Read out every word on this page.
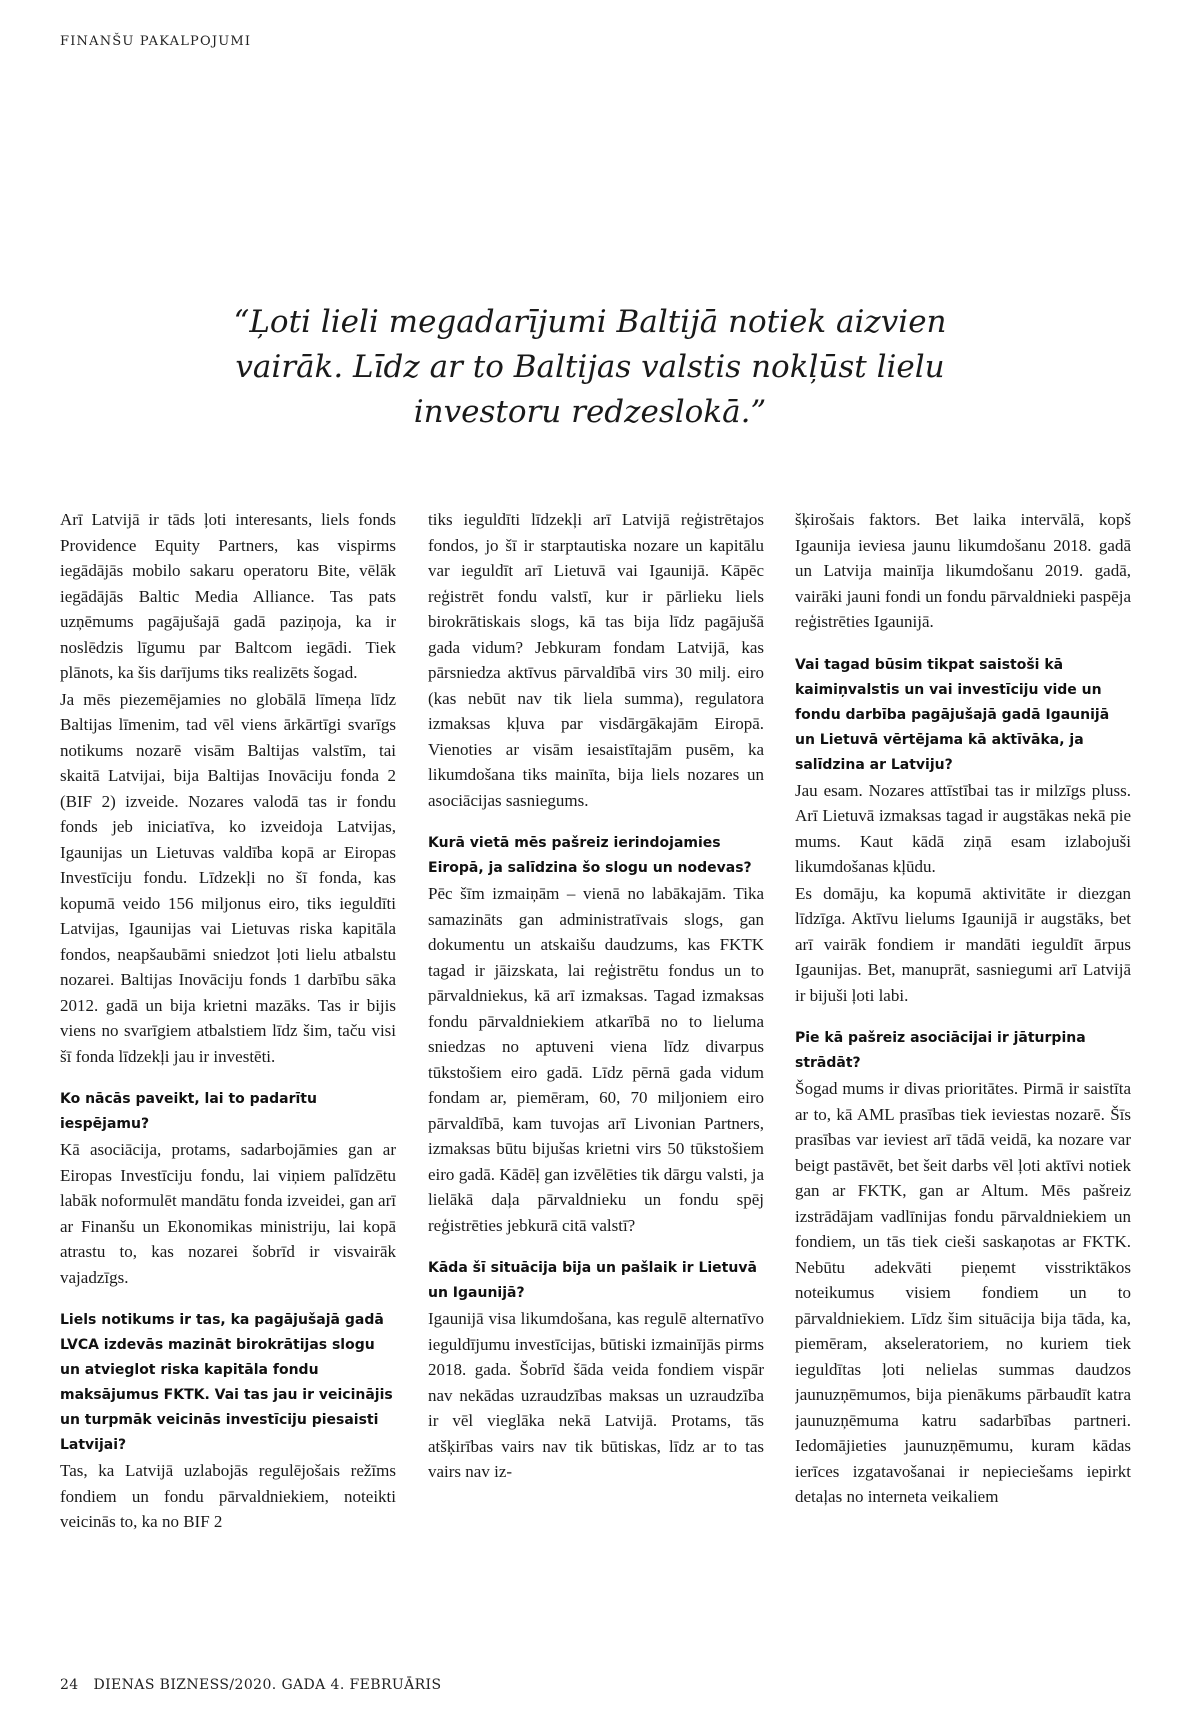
FINANŠU PAKALPOJUMI
“Ļoti lieli megadarījumi Baltijā notiek aizvien vairāk. Līdz ar to Baltijas valstis nokļūst lielu investoru redzeslokā.”

Arī Latvijā ir tāds ļoti interesants, liels fonds Providence Equity Partners, kas vispirms iegādājās mobilo sakaru operatoru Bite, vēlāk iegādājās Baltic Media Alliance. Tas pats uzņēmums pagājušajā gadā paziņoja, ka ir noslēdzis līgumu par Baltcom iegādi. Tiek plānots, ka šis darījums tiks realizēts šogad.

Ja mēs piezemējamies no globālā līmeņa līdz Baltijas līmenim, tad vēl viens ārkārtīgi svarīgs notikums nozarē visām Baltijas valstīm, tai skaitā Latvijai, bija Baltijas Inovāciju fonda 2 (BIF 2) izveide. Nozares valodā tas ir fondu fonds jeb iniciatīva, ko izveidoja Latvijas, Igaunijas un Lietuvas valdība kopā ar Eiropas Investīciju fondu. Līdzekļi no šī fonda, kas kopumā veido 156 miljonus eiro, tiks ieguldīti Latvijas, Igaunijas vai Lietuvas riska kapitāla fondos, neapšaubāmi sniedzot ļoti lielu atbalstu nozarei. Baltijas Inovāciju fonds 1 darbību sāka 2012. gadā un bija krietni mazāks. Tas ir bijis viens no svarīgiem atbalstiem līdz šim, taču visi šī fonda līdzekļi jau ir investēti.

Ko nācās paveikt, lai to padarītu iespējamu?

Kā asociācija, protams, sadarbojāmies gan ar Eiropas Investīciju fondu, lai viņiem palīdzētu labāk noformulēt mandātu fonda izveidei, gan arī ar Finanšu un Ekonomikas ministriju, lai kopā atrastu to, kas nozarei šobrīd ir visvairāk vajadzīgs.

Liels notikums ir tas, ka pagājušajā gadā LVCA izdevās mazināt birokrātijas slogu un atvieglot riska kapitāla fondu maksājumus FKTK. Vai tas jau ir veicinājis un turpmāk veicinās investīciju piesaisti Latvijai?

Tas, ka Latvijā uzlabojās regulējošais režīms fondiem un fondu pārvaldniekiem, noteikti veicinās to, ka no BIF 2

tiks ieguldīti līdzekļi arī Latvijā reģistrētajos fondos, jo šī ir starptautiska nozare un kapitālu var ieguldīt arī Lietuvā vai Igaunijā. Kāpēc reģistrēt fondu valstī, kur ir pārlieku liels birokrātiskais slogs, kā tas bija līdz pagājušā gada vidum? Jebkuram fondam Latvijā, kas pārsniedza aktīvus pārvaldībā virs 30 milj. eiro (kas nebūt nav tik liela summa), regulatora izmaksas kļuva par visdārgākajām Eiropā. Vienoties ar visām iesaistītajām pusēm, ka likumdošana tiks mainīta, bija liels nozares un asociācijas sasniegums.

Kurā vietā mēs pašreiz ierindojamies Eiropā, ja salīdzina šo slogu un nodevas?

Pēc šīm izmaiņām – vienā no labākajām. Tika samazināts gan administratīvais slogs, gan dokumentu un atskaišu daudzums, kas FKTK tagad ir jāizskata, lai reģistrētu fondus un to pārvaldniekus, kā arī izmaksas. Tagad izmaksas fondu pārvaldniekiem atkarībā no to lieluma sniedzas no aptuveni viena līdz divarpus tūkstošiem eiro gadā. Līdz pērnā gada vidum fondam ar, piemēram, 60, 70 miljoniem eiro pārvaldībā, kam tuvojas arī Livonian Partners, izmaksas būtu bijušas krietni virs 50 tūkstošiem eiro gadā. Kādēļ gan izvēlēties tik dārgu valsti, ja lielākā daļa pārvaldnieku un fondu spēj reģistrēties jebkurā citā valstī?

Kāda šī situācija bija un pašlaik ir Lietuvā un Igaunijā?

Igaunijā visa likumdošana, kas regulē alternatīvo ieguldījumu investīcijas, būtiski izmainījās pirms 2018. gada. Šobrīd šāda veida fondiem vispār nav nekādas uzraudzības maksas un uzraudzība ir vēl vieglāka nekā Latvijā. Protams, tās atšķirības vairs nav tik būtiskas, līdz ar to tas vairs nav iz-

šķirošais faktors. Bet laika intervālā, kopš Igaunija ieviesa jaunu likumdošanu 2018. gadā un Latvija mainīja likumdošanu 2019. gadā, vairāki jauni fondi un fondu pārvaldnieki paspēja reģistrēties Igaunijā.

Vai tagad būsim tikpat saistoši kā kaimiņvalstis un vai investīciju vide un fondu darbība pagājušajā gadā Igaunijā un Lietuvā vērtējama kā aktīvāka, ja salīdzina ar Latviju?

Jau esam. Nozares attīstībai tas ir milzīgs pluss. Arī Lietuvā izmaksas tagad ir augstākas nekā pie mums. Kaut kādā ziņā esam izlabojuši likumdošanas kļūdu.

Es domāju, ka kopumā aktivitāte ir diezgan līdzīga. Aktīvu lielums Igaunijā ir augstāks, bet arī vairāk fondiem ir mandāti ieguldīt ārpus Igaunijas. Bet, manuprāt, sasniegumi arī Latvijā ir bijuši ļoti labi.

Pie kā pašreiz asociācijai ir jāturpina strādāt?

Šogad mums ir divas prioritātes. Pirmā ir saistīta ar to, kā AML prasības tiek ieviestas nozarē. Šīs prasības var ieviest arī tādā veidā, ka nozare var beigt pastāvēt, bet šeit darbs vēl ļoti aktīvi notiek gan ar FKTK, gan ar Altum. Mēs pašreiz izstrādājam vadlīnijas fondu pārvaldniekiem un fondiem, un tās tiek cieši saskaņotas ar FKTK. Nebūtu adekvāti pieņemt visstriktākos noteikumus visiem fondiem un to pārvaldniekiem. Līdz šim situācija bija tāda, ka, piemēram, akseleratoriem, no kuriem tiek ieguldītas ļoti nelielas summas daudzos jaunuzņēmumos, bija pienākums pārbaudīt katra jaunuzņēmuma katru sadarbības partneri. Iedomājieties jaunuzņēmumu, kuram kādas ierīces izgatavošanai ir nepieciešams iepirkt detaļas no interneta veikaliem

24 DIENAS BIZNESS/2020. GADA 4. FEBRUĀRIS
